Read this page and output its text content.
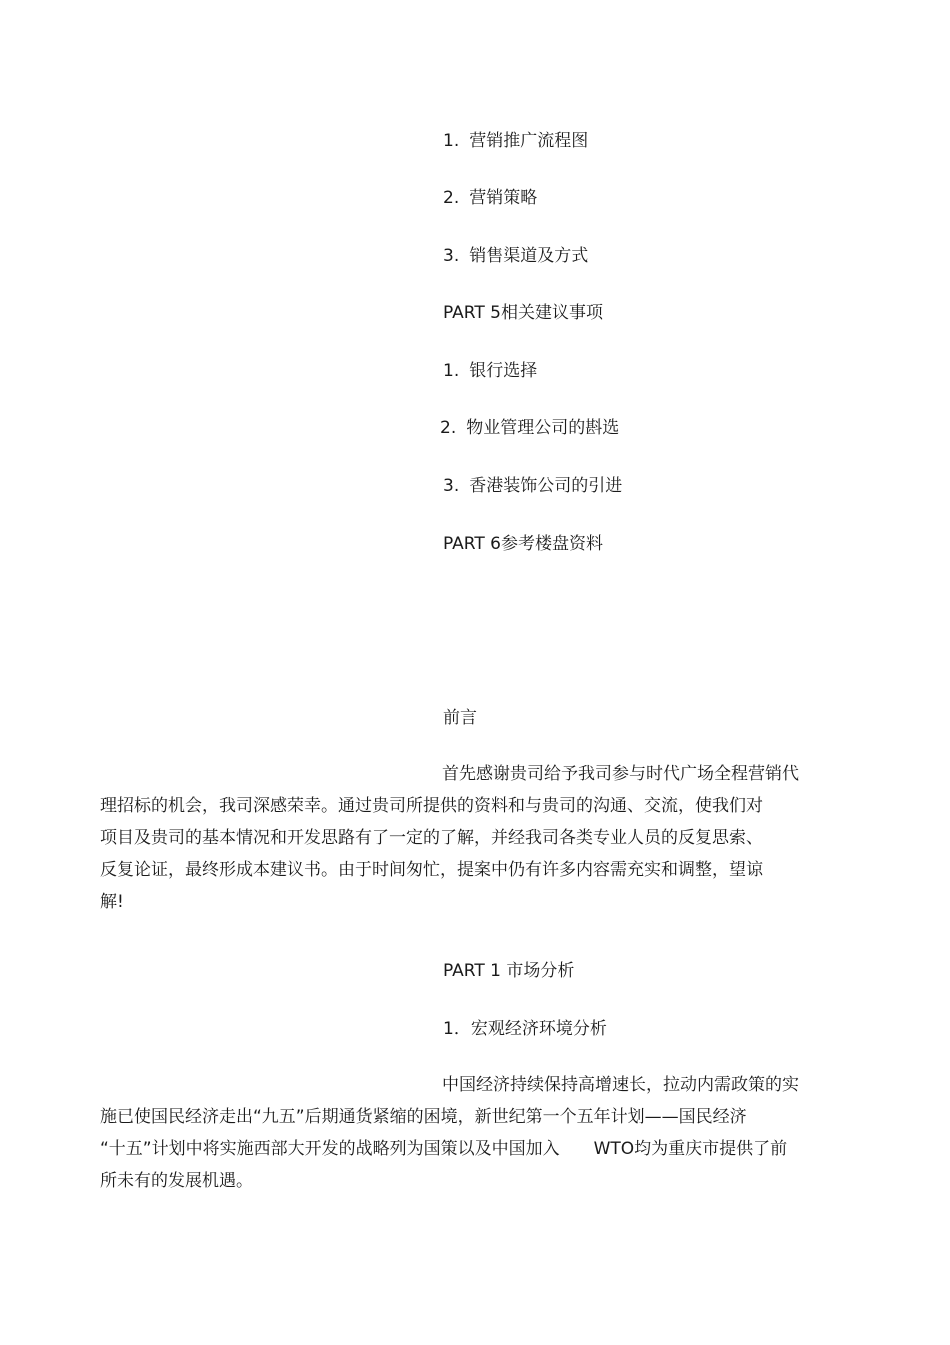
1. 营销推广流程图
2. 营销策略
3. 销售渠道及方式
PART 5相关建议事项
1. 银行选择
2. 物业管理公司的斟选
3. 香港装饰公司的引进
PART 6参考楼盘资料
前言
首先感谢贵司给予我司参与时代广场全程营销代
理招标的机会，我司深感荣幸。通过贵司所提供的资料和与贵司的沟通、交流，使我们对
项目及贵司的基本情况和开发思路有了一定的了解，并经我司各类专业人员的反复思索、
反复论证，最终形成本建议书。由于时间匆忙，提案中仍有许多内容需充实和调整，望谅
解!
PART 1 市场分析
1．宏观经济环境分析
中国经济持续保持高增速长，拉动内需政策的实
施已使国民经济走出“九五”后期通货紧缩的困境，新世纪第一个五年计划——国民经济
“十五”计划中将实施西部大开发的战略列为国策以及中国加入　　WTO均为重庆市提供了前
所未有的发展机遇。
